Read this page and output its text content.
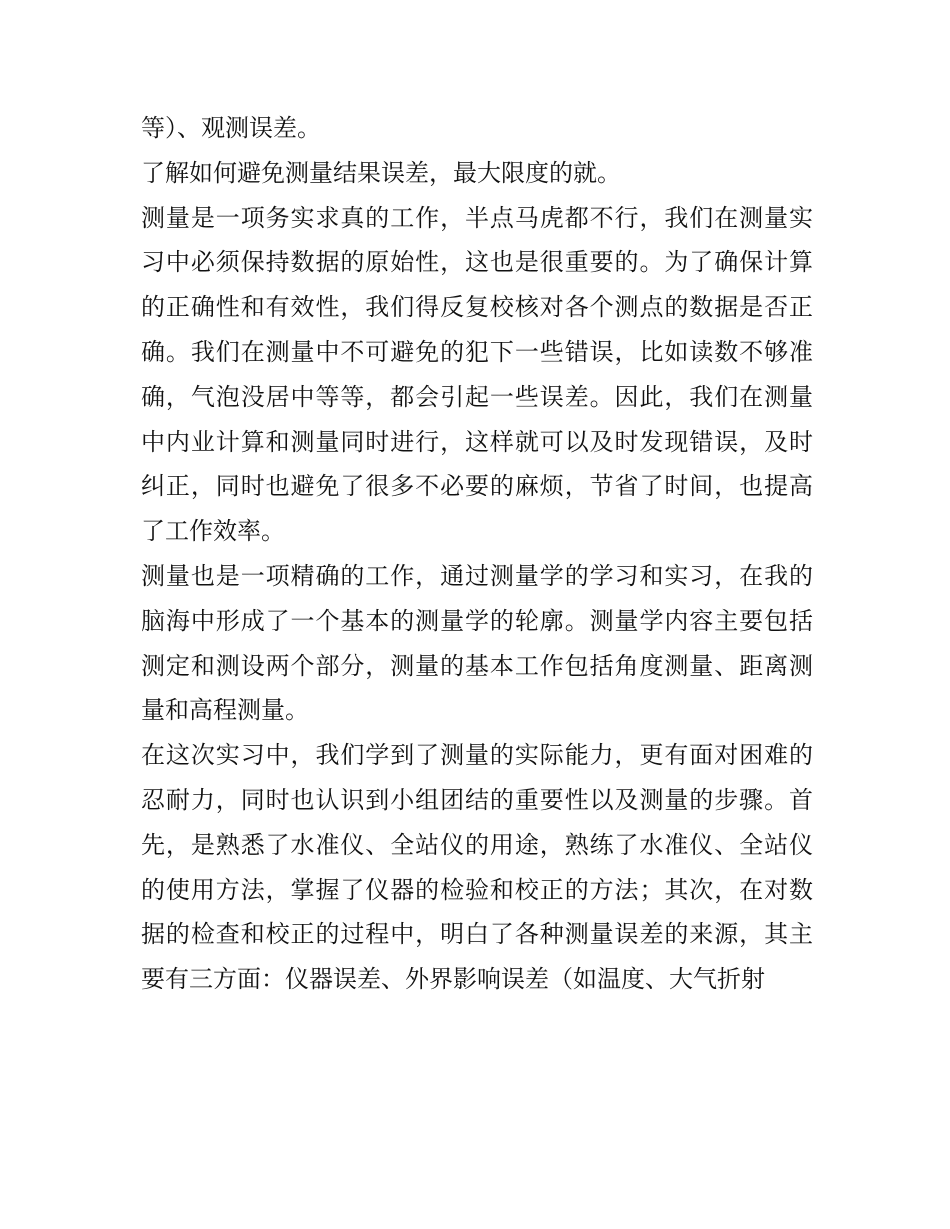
等）、观测误差。

了解如何避免测量结果误差，最大限度的就。

测量是一项务实求真的工作，半点马虎都不行，我们在测量实
习中必须保持数据的原始性，这也是很重要的。为了确保计算
的正确性和有效性，我们得反复校核对各个测点的数据是否正
确。我们在测量中不可避免的犯下一些错误，比如读数不够准
确，气泡没居中等等，都会引起一些误差。因此，我们在测量
中内业计算和测量同时进行，这样就可以及时发现错误，及时
纠正，同时也避免了很多不必要的麻烦，节省了时间，也提高
了工作效率。

测量也是一项精确的工作，通过测量学的学习和实习，在我的
脑海中形成了一个基本的测量学的轮廓。测量学内容主要包括
测定和测设两个部分，测量的基本工作包括角度测量、距离测
量和高程测量。

在这次实习中，我们学到了测量的实际能力，更有面对困难的
忍耐力，同时也认识到小组团结的重要性以及测量的步骤。首
先，是熟悉了水准仪、全站仪的用途，熟练了水准仪、全站仪
的使用方法，掌握了仪器的检验和校正的方法；其次，在对数
据的检查和校正的过程中，明白了各种测量误差的来源，其主
要有三方面：仪器误差、外界影响误差（如温度、大气折射
